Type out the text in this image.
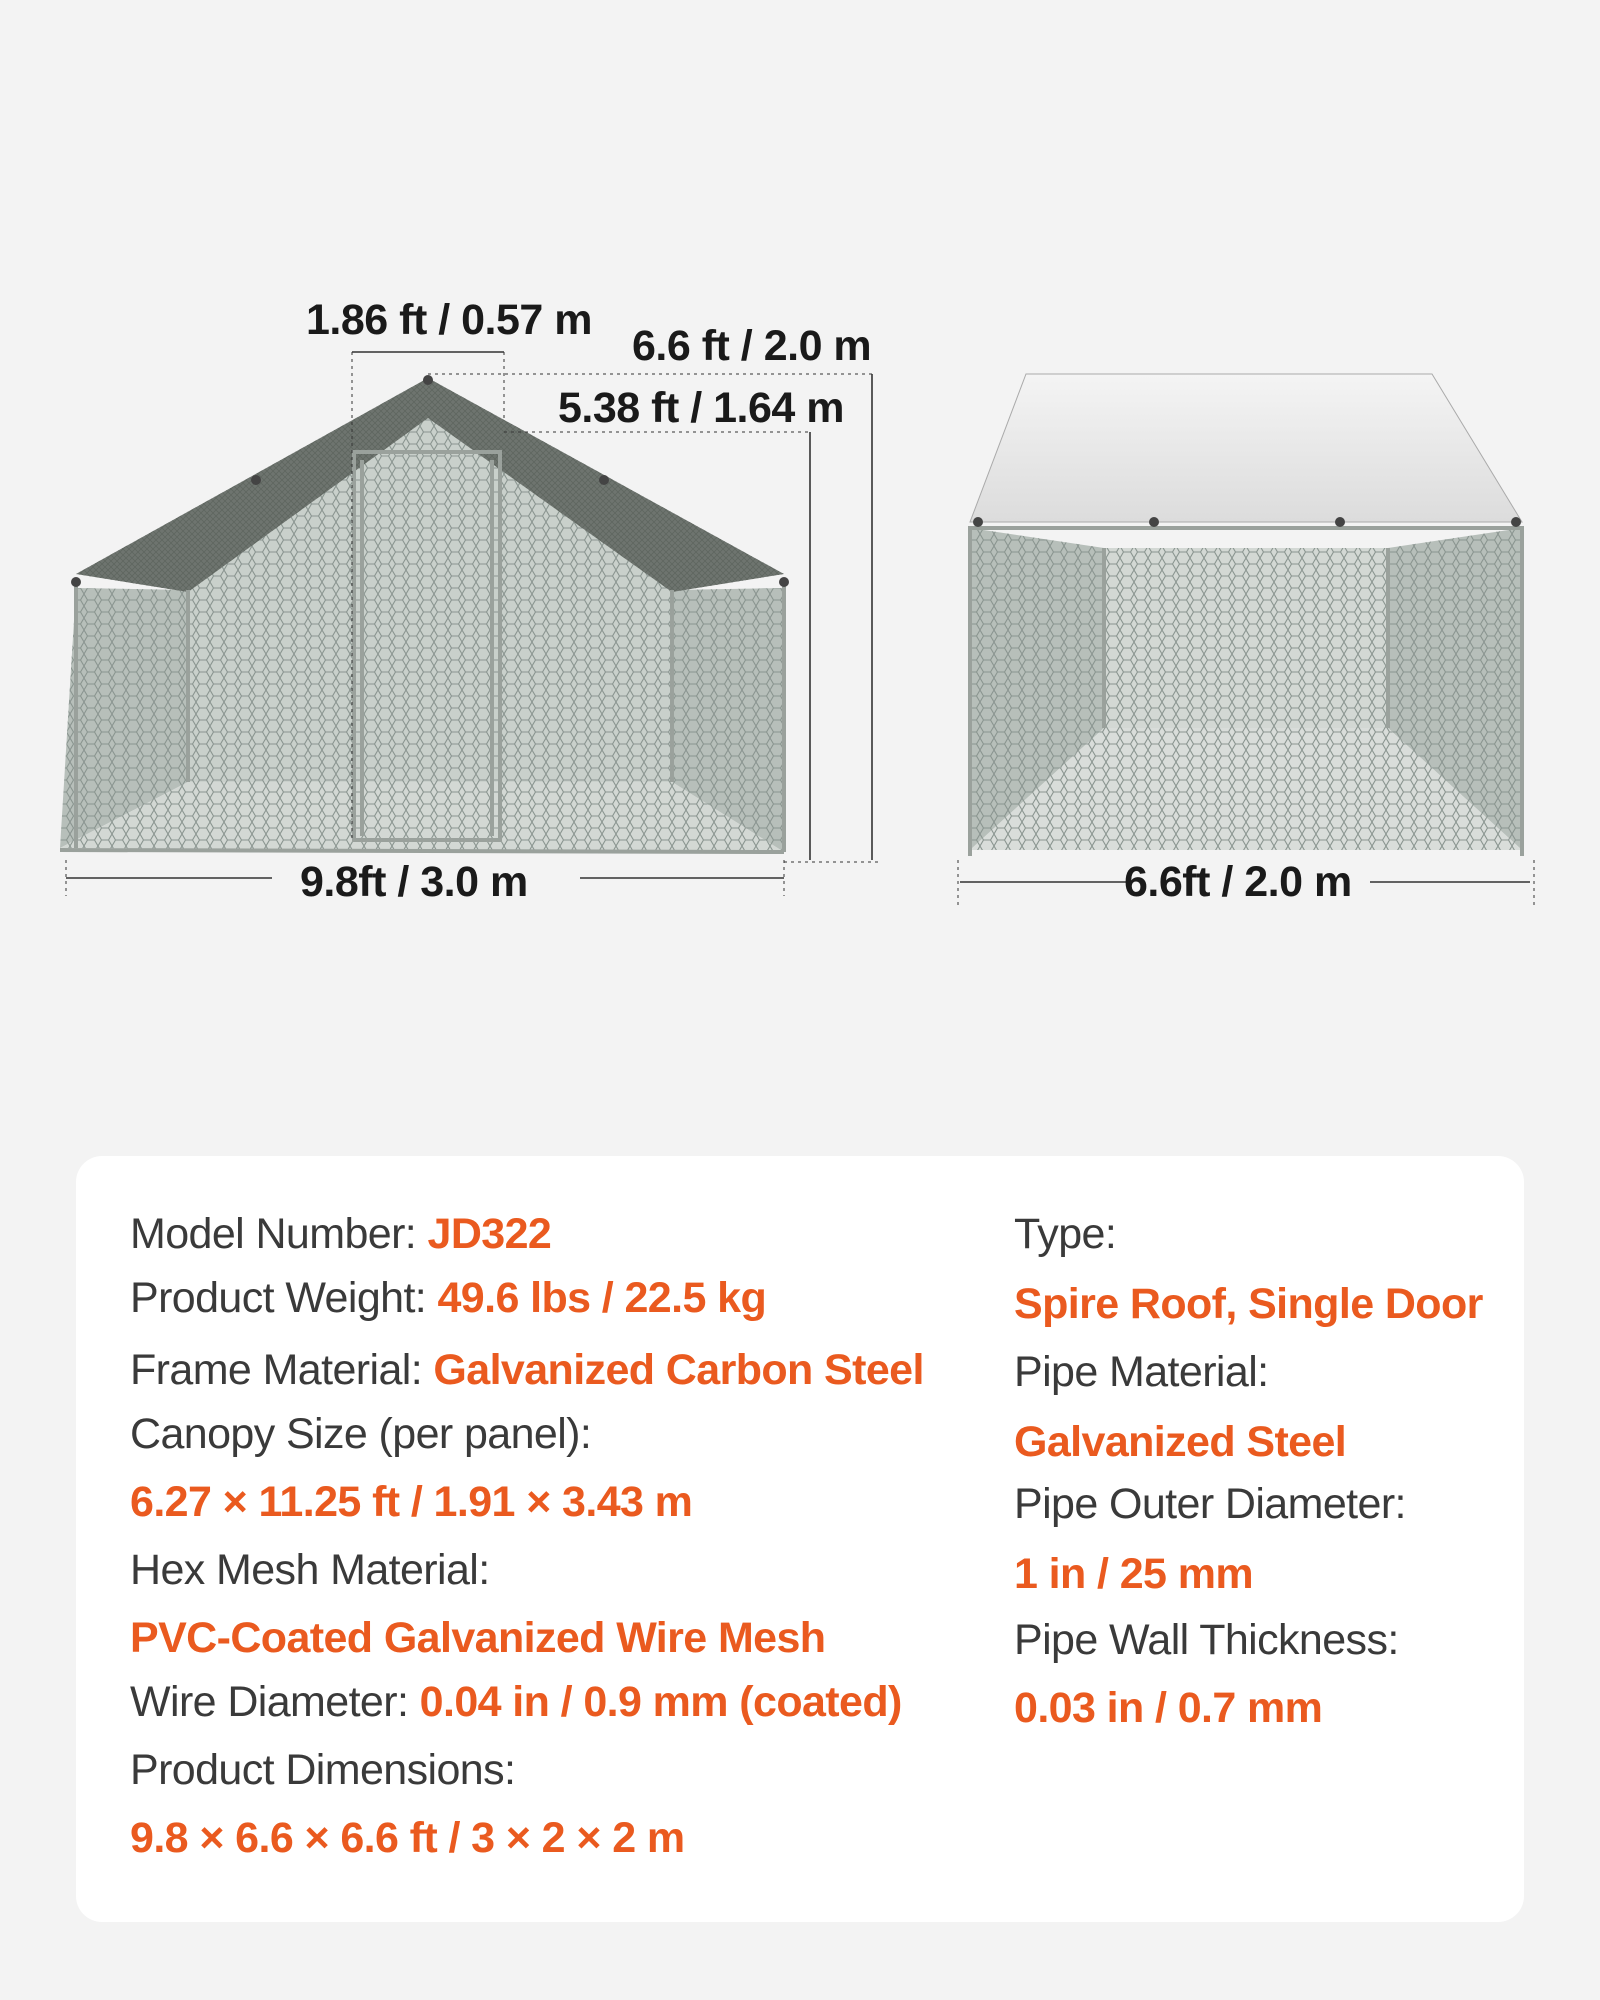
1.86 ft / 0.57 m
6.6 ft / 2.0 m
5.38 ft / 1.64 m
9.8ft / 3.0 m	6.6ft / 2.0 m
Model Number: JD322
Product Weight: 49.6 lbs / 22.5 kg
Frame Material: Galvanized Carbon Steel
Canopy Size (per panel):
6.27 × 11.25 ft / 1.91 × 3.43 m
Hex Mesh Material:
PVC-Coated Galvanized Wire Mesh
Wire Diameter: 0.04 in / 0.9 mm (coated)
Product Dimensions:
9.8 × 6.6 × 6.6 ft / 3 × 2 × 2 m
Type:
Spire Roof, Single Door
Pipe Material:
Galvanized Steel
Pipe Outer Diameter:
1 in / 25 mm
Pipe Wall Thickness:
0.03 in / 0.7 mm
